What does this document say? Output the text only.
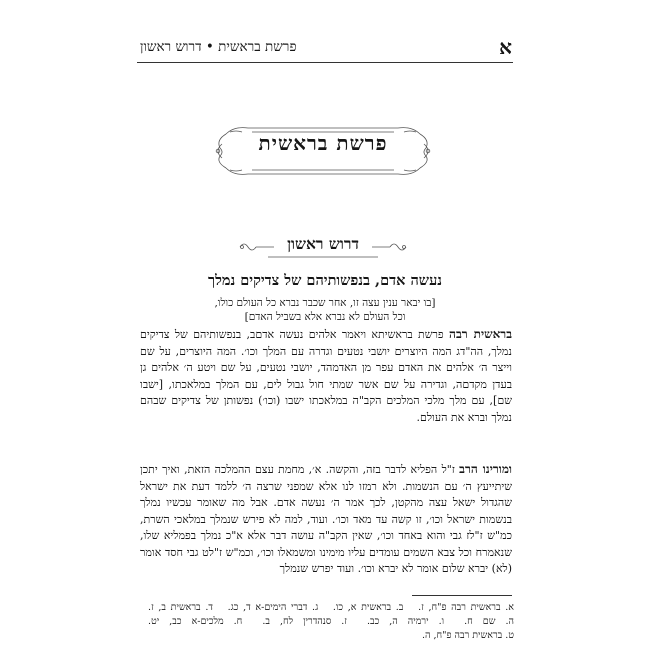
א
פרשת בראשית • דרוש ראשון
פרשת בראשית
דרוש ראשון
נעשה אדם, בנפשותיהם של צדיקים נמלך
[בו יבאר ענין עצה זו, אחר שכבר נברא כל העולם כולו,
וכל העולם לא נברא אלא בשביל האדם]
בראשית רבה פרשת בראשיתא ויאמר אלהים נעשה אדםב, בנפשותיהם של צדיקים נמלך, הה"דג המה היוצרים יושבי נטעים וגדרה עם המלך וכו׳. המה היוצרים, על שם וייצר ה׳ אלהים את האדם עפר מן האדמהד, יושבי נטעים, על שם ויטע ה׳ אלהים גן בעדן מקדםה, וגדירה על שם אשר שמתי חול גבול לים, עם המלך במלאכתו, [ישבו שם], עם מלך מלכי המלכים הקב"ה במלאכתו ישבו (וכו׳) נפשותן של צדיקים שבהם נמלך וברא את העולם.
ומורינו הרב ז"ל הפליא לדבר בזה, והקשה. א׳, מחמת עצם ההמלכה הזאת, ואיך יתכן שיתייעץ ה׳ עם הנשמות. ולא רמזו לנו אלא שמפני שרצה ה׳ ללמד דעת את ישראל שהגדול ישאל עצה מהקטן, לכך אמר ה׳ נעשה אדם. אבל מה שאומר עכשיו נמלך בנשמות ישראל וכו׳, זו קשה עד מאד וכו׳. ועוד, למה לא פירש שנמלך במלאכי השרת, כמ"ש ז"לז גבי והוא באחד וכו׳, שאין הקב"ה עושה דבר אלא א"כ נמלך בפמליא שלו, שנאמרח וכל צבא השמים עומדים עליו מימינו ומשמאלו וכו׳, וכמ"ש ז"לט גבי חסד אומר (לא) יברא שלום אומר לא יברא וכו׳. ועוד יפרש שנמלך
א. בראשית רבה פ"ח, ז. ב. בראשית א, כו. ג. דברי הימים-א ד, כג. ד. בראשית ב, ז. ה. שם ח. ו. ירמיה ה, כב. ז. סנהדרין לח, ב. ח. מלכים-א כב, יט. ט. בראשית רבה פ"ח, ה.
